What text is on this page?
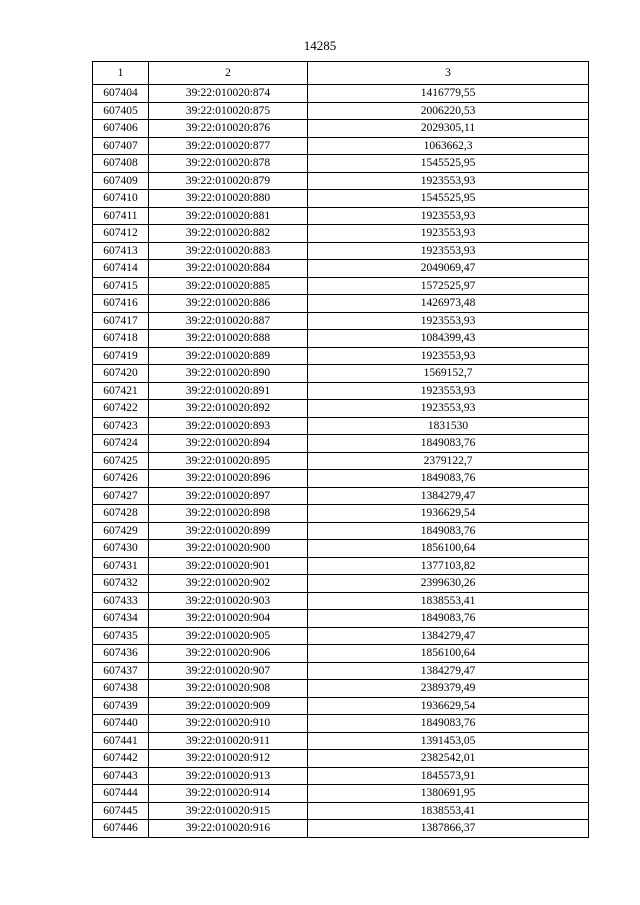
14285
1	2	3
607404	39:22:010020:874	1416779,55
607405	39:22:010020:875	2006220,53
607406	39:22:010020:876	2029305,11
607407	39:22:010020:877	1063662,3
607408	39:22:010020:878	1545525,95
607409	39:22:010020:879	1923553,93
607410	39:22:010020:880	1545525,95
607411	39:22:010020:881	1923553,93
607412	39:22:010020:882	1923553,93
607413	39:22:010020:883	1923553,93
607414	39:22:010020:884	2049069,47
607415	39:22:010020:885	1572525,97
607416	39:22:010020:886	1426973,48
607417	39:22:010020:887	1923553,93
607418	39:22:010020:888	1084399,43
607419	39:22:010020:889	1923553,93
607420	39:22:010020:890	1569152,7
607421	39:22:010020:891	1923553,93
607422	39:22:010020:892	1923553,93
607423	39:22:010020:893	1831530
607424	39:22:010020:894	1849083,76
607425	39:22:010020:895	2379122,7
607426	39:22:010020:896	1849083,76
607427	39:22:010020:897	1384279,47
607428	39:22:010020:898	1936629,54
607429	39:22:010020:899	1849083,76
607430	39:22:010020:900	1856100,64
607431	39:22:010020:901	1377103,82
607432	39:22:010020:902	2399630,26
607433	39:22:010020:903	1838553,41
607434	39:22:010020:904	1849083,76
607435	39:22:010020:905	1384279,47
607436	39:22:010020:906	1856100,64
607437	39:22:010020:907	1384279,47
607438	39:22:010020:908	2389379,49
607439	39:22:010020:909	1936629,54
607440	39:22:010020:910	1849083,76
607441	39:22:010020:911	1391453,05
607442	39:22:010020:912	2382542,01
607443	39:22:010020:913	1845573,91
607444	39:22:010020:914	1380691,95
607445	39:22:010020:915	1838553,41
607446	39:22:010020:916	1387866,37
